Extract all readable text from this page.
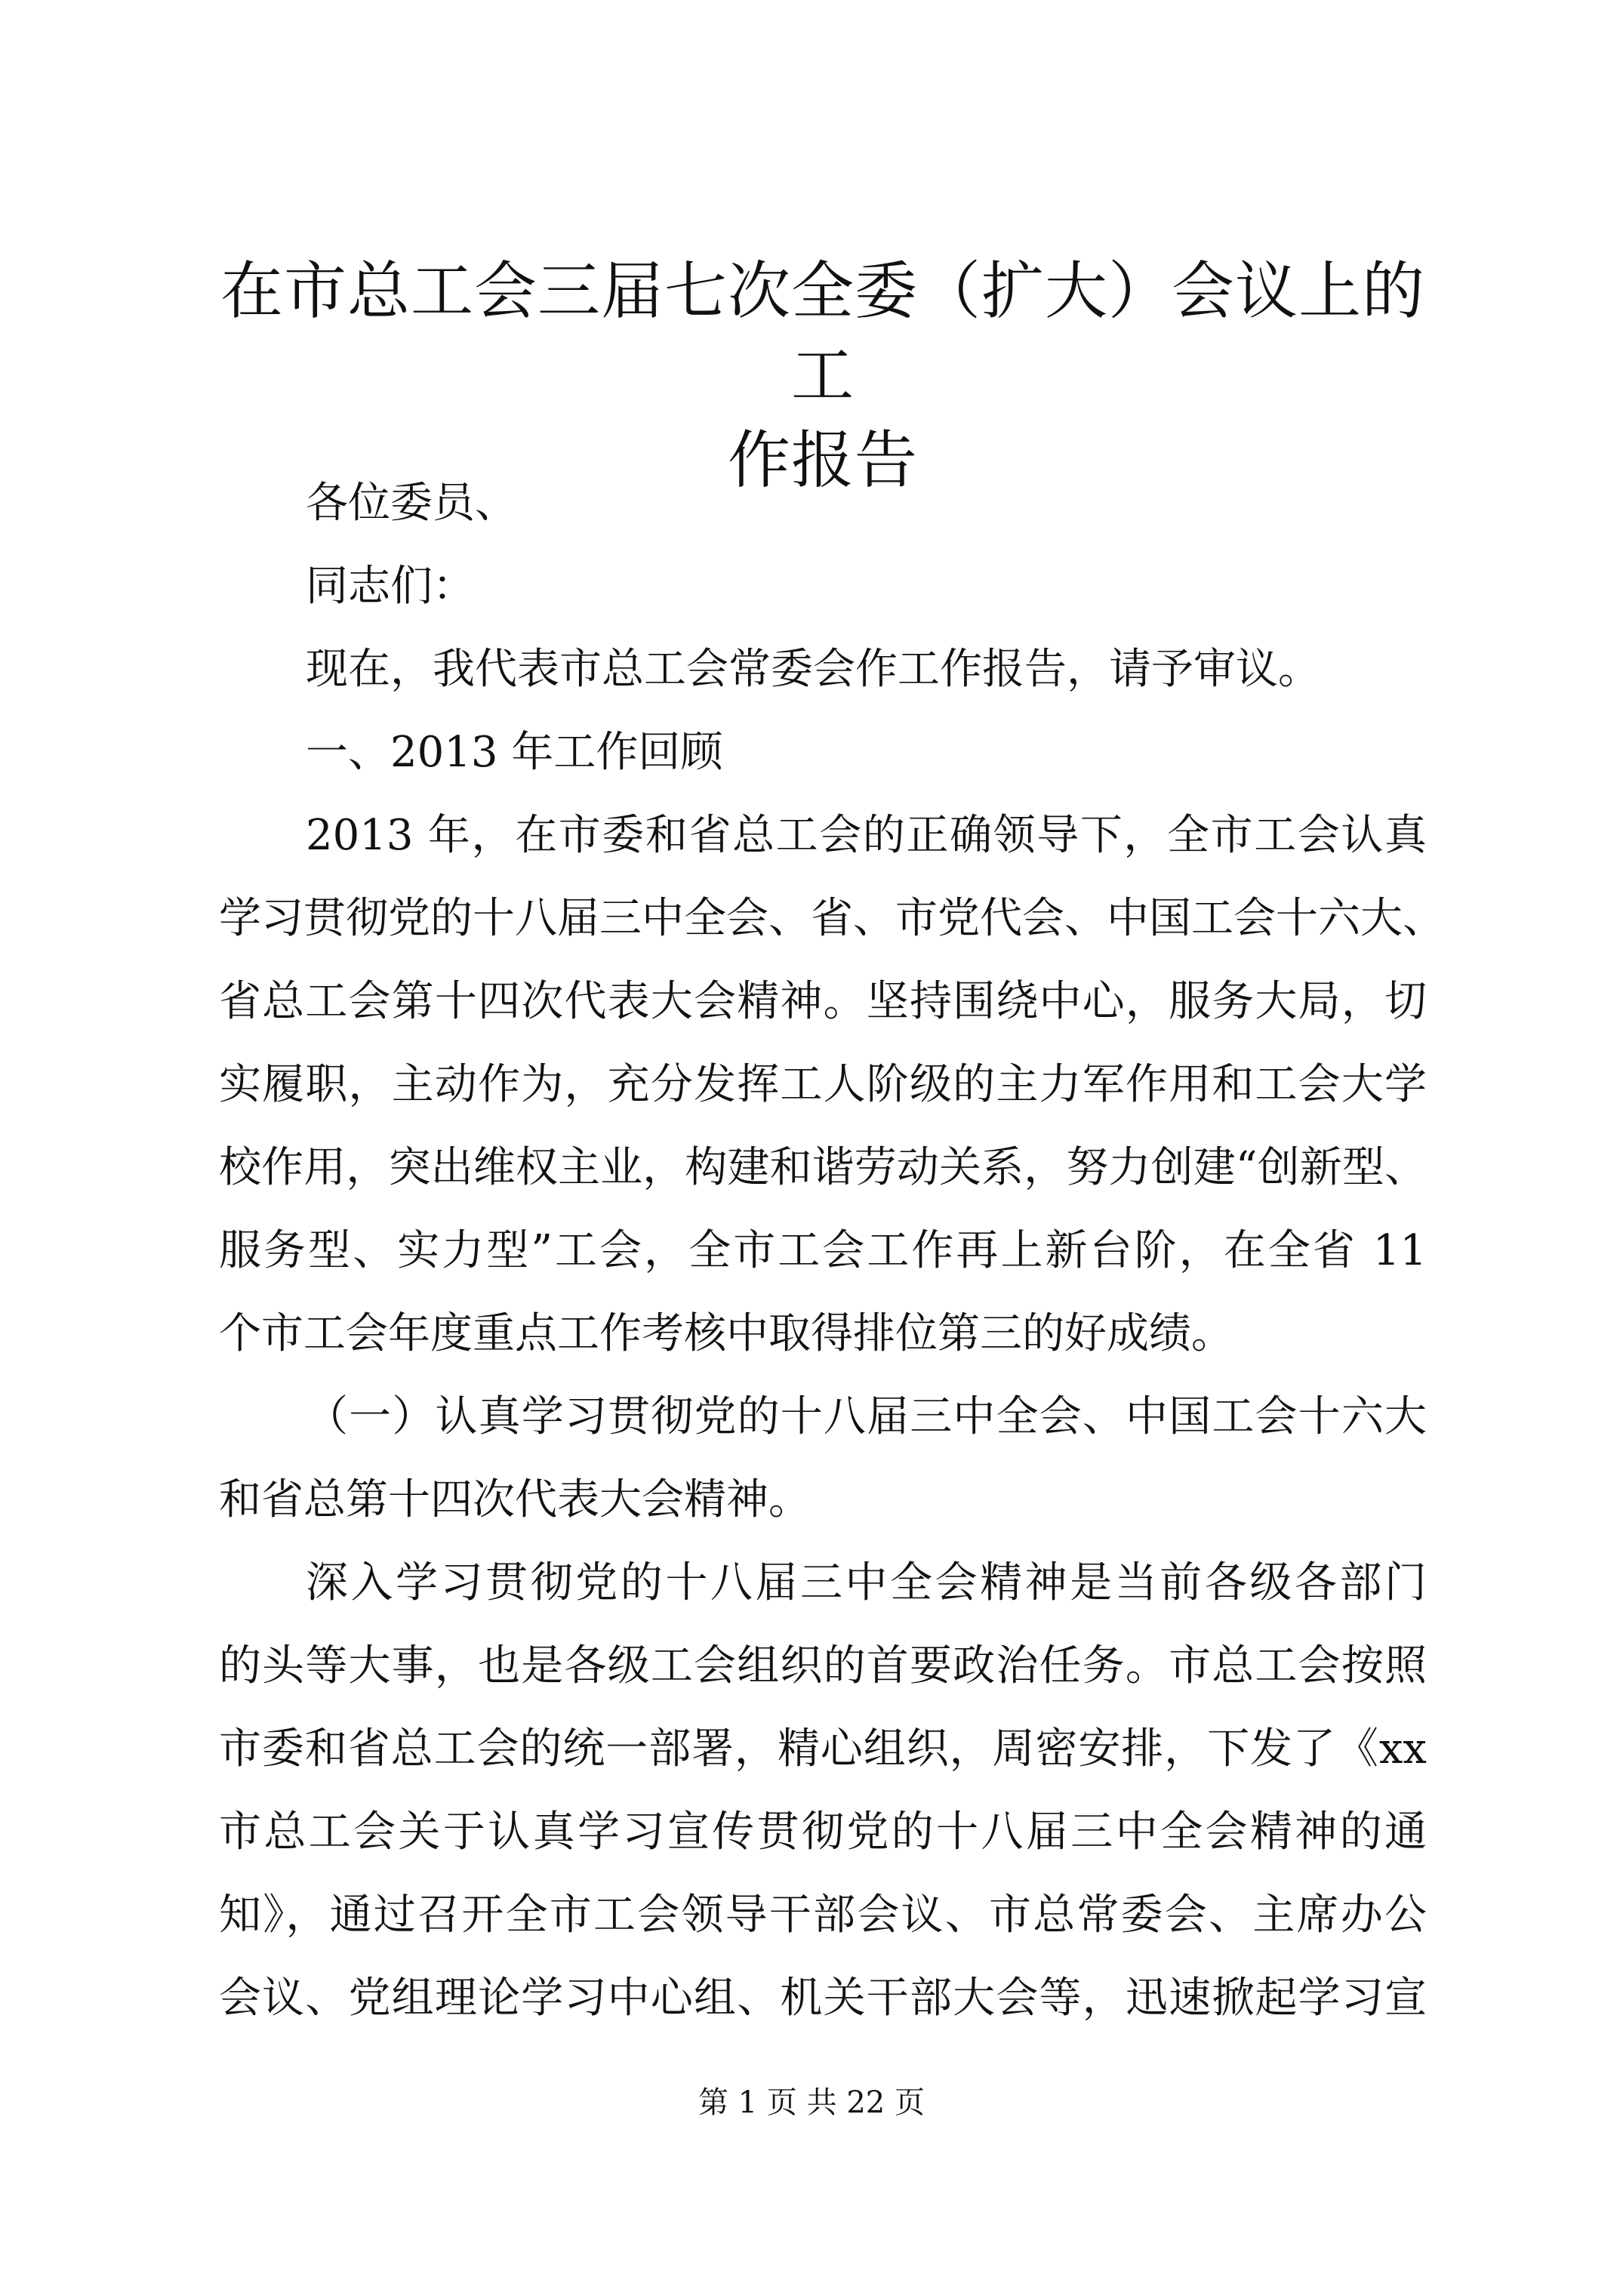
在市总工会三届七次全委（扩大）会议上的工
作报告

各位委员、

同志们：

现在，我代表市总工会常委会作工作报告，请予审议。

一、2013 年工作回顾

2013 年，在市委和省总工会的正确领导下，全市工会认真

学习贯彻党的十八届三中全会、省、市党代会、中国工会十六大、

省总工会第十四次代表大会精神。坚持围绕中心，服务大局，切

实履职，主动作为，充分发挥工人阶级的主力军作用和工会大学

校作用，突出维权主业，构建和谐劳动关系，努力创建“创新型、

服务型、实力型”工会，全市工会工作再上新台阶，在全省 11

个市工会年度重点工作考核中取得排位第三的好成绩。

（一）认真学习贯彻党的十八届三中全会、中国工会十六大

和省总第十四次代表大会精神。

深入学习贯彻党的十八届三中全会精神是当前各级各部门

的头等大事，也是各级工会组织的首要政治任务。市总工会按照

市委和省总工会的统一部署，精心组织，周密安排，下发了《xx

市总工会关于认真学习宣传贯彻党的十八届三中全会精神的通

知》，通过召开全市工会领导干部会议、市总常委会、主席办公

会议、党组理论学习中心组、机关干部大会等，迅速掀起学习宣

第 1 页 共 22 页
